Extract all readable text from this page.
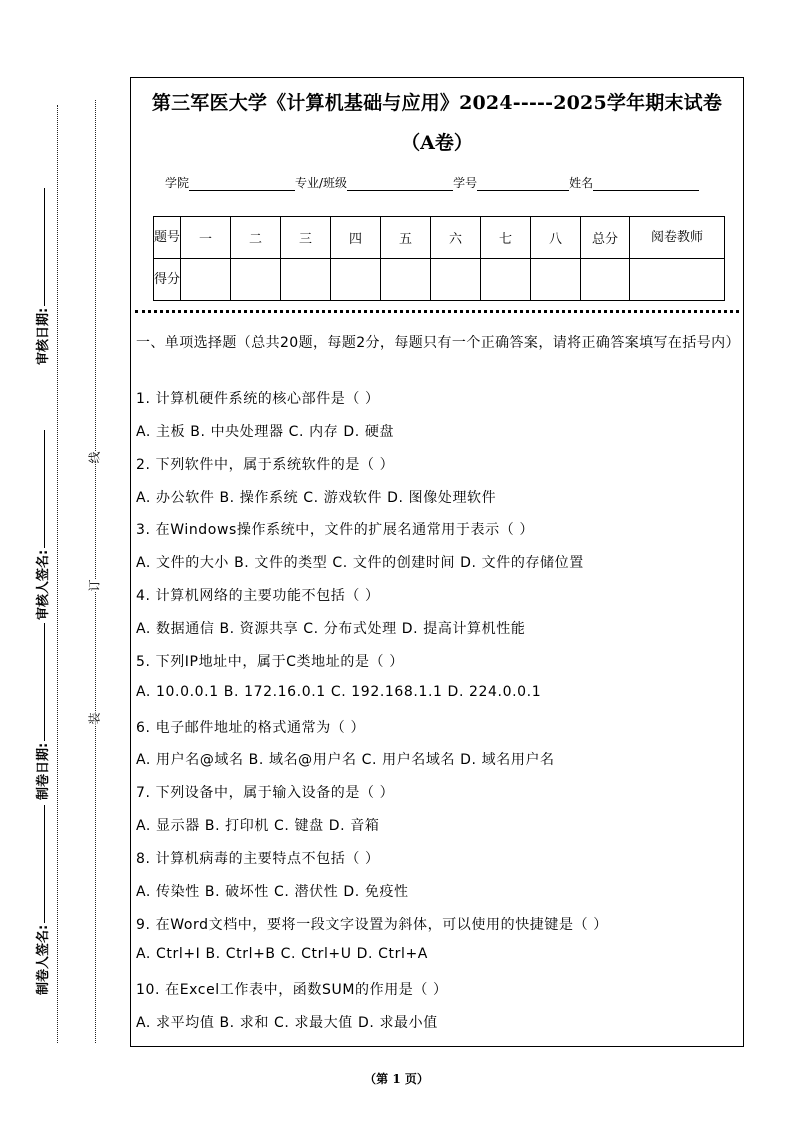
审核日期:
审核人签名:
制卷日期:
制卷人签名:
线
订
装
第三军医大学《计算机基础与应用》2024-----2025学年期末试卷
（A卷）
学院	专业/班级	学号	姓名
题号	一	二	三	四	五	六	七	八	总分	阅卷教师
得分										
一、单项选择题（总共20题，每题2分，每题只有一个正确答案，请将正确答案填写在括号内）
1. 计算机硬件系统的核心部件是（ ）
A. 主板 B. 中央处理器 C. 内存 D. 硬盘
2. 下列软件中，属于系统软件的是（ ）
A. 办公软件 B. 操作系统 C. 游戏软件 D. 图像处理软件
3. 在Windows操作系统中，文件的扩展名通常用于表示（ ）
A. 文件的大小 B. 文件的类型 C. 文件的创建时间 D. 文件的存储位置
4. 计算机网络的主要功能不包括（ ）
A. 数据通信 B. 资源共享 C. 分布式处理 D. 提高计算机性能
5. 下列IP地址中，属于C类地址的是（ ）
A. 10.0.0.1 B. 172.16.0.1 C. 192.168.1.1 D. 224.0.0.1
6. 电子邮件地址的格式通常为（ ）
A. 用户名@域名 B. 域名@用户名 C. 用户名域名 D. 域名用户名
7. 下列设备中，属于输入设备的是（ ）
A. 显示器 B. 打印机 C. 键盘 D. 音箱
8. 计算机病毒的主要特点不包括（ ）
A. 传染性 B. 破坏性 C. 潜伏性 D. 免疫性
9. 在Word文档中，要将一段文字设置为斜体，可以使用的快捷键是（ ）
A. Ctrl+I B. Ctrl+B C. Ctrl+U D. Ctrl+A
10. 在Excel工作表中，函数SUM的作用是（ ）
A. 求平均值 B. 求和 C. 求最大值 D. 求最小值
（第 1 页）
